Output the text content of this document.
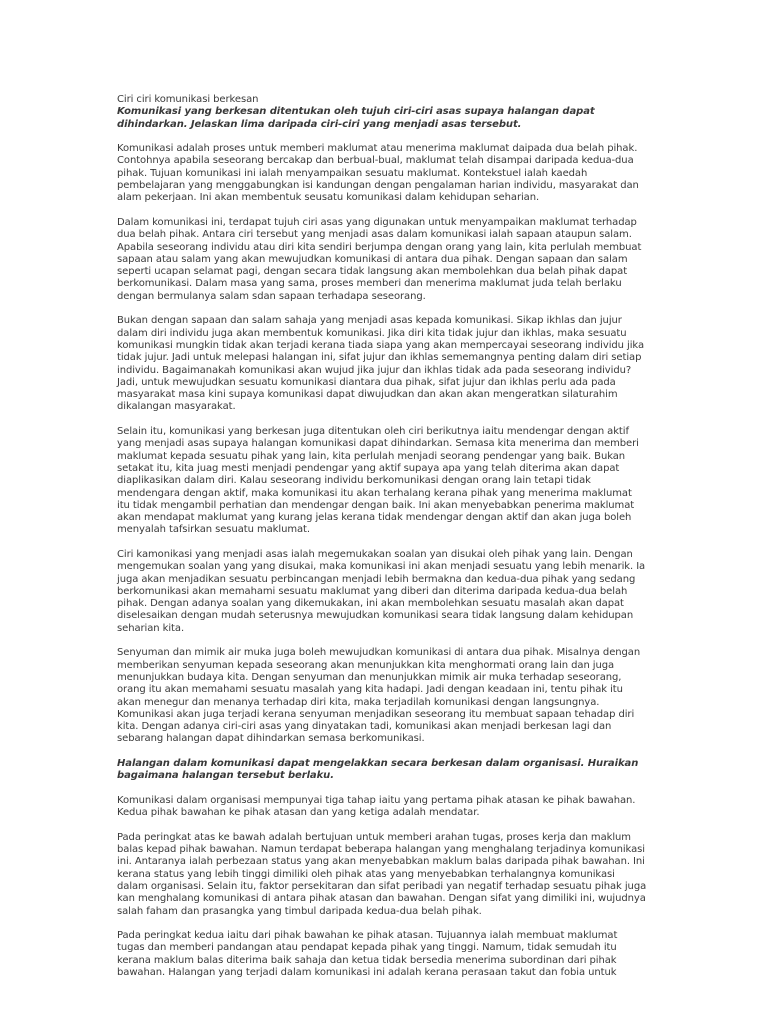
Ciri ciri komunikasi berkesan
Komunikasi yang berkesan ditentukan oleh tujuh ciri-ciri asas supaya halangan dapat dihindarkan. Jelaskan lima daripada ciri-ciri yang menjadi asas tersebut.

Komunikasi adalah proses untuk memberi maklumat atau menerima maklumat daipada dua belah pihak. Contohnya apabila seseorang bercakap dan berbual-bual, maklumat telah disampai daripada kedua-dua pihak. Tujuan komunikasi ini ialah menyampaikan sesuatu maklumat. Kontekstuel ialah kaedah pembelajaran yang menggabungkan isi kandungan dengan pengalaman harian individu, masyarakat dan alam pekerjaan. Ini akan membentuk seusatu komunikasi dalam kehidupan seharian.

Dalam komunikasi ini, terdapat tujuh ciri asas yang digunakan untuk menyampaikan maklumat terhadap dua belah pihak. Antara ciri tersebut yang menjadi asas dalam komunikasi ialah sapaan ataupun salam. Apabila seseorang individu atau diri kita sendiri berjumpa dengan orang yang lain, kita perlulah membuat sapaan atau salam yang akan mewujudkan komunikasi di antara dua pihak. Dengan sapaan dan salam seperti ucapan selamat pagi, dengan secara tidak langsung akan membolehkan dua belah pihak dapat berkomunikasi. Dalam masa yang sama, proses memberi dan menerima maklumat juda telah berlaku dengan bermulanya salam sdan sapaan terhadapa seseorang.

Bukan dengan sapaan dan salam sahaja yang menjadi asas kepada komunikasi. Sikap ikhlas dan jujur dalam diri individu juga akan membentuk komunikasi. Jika diri kita tidak jujur dan ikhlas, maka sesuatu komunikasi mungkin tidak akan terjadi kerana tiada siapa yang akan mempercayai seseorang individu jika tidak jujur. Jadi untuk melepasi halangan ini, sifat jujur dan ikhlas sememangnya penting dalam diri setiap individu. Bagaimanakah komunikasi akan wujud jika jujur dan ikhlas tidak ada pada seseorang individu? Jadi, untuk mewujudkan sesuatu komunikasi diantara dua pihak, sifat jujur dan ikhlas perlu ada pada masyarakat masa kini supaya komunikasi dapat diwujudkan dan akan akan mengeratkan silaturahim dikalangan masyarakat.

Selain itu, komunikasi yang berkesan juga ditentukan oleh ciri berikutnya iaitu mendengar dengan aktif yang menjadi asas supaya halangan komunikasi dapat dihindarkan. Semasa kita menerima dan memberi maklumat kepada sesuatu pihak yang lain, kita perlulah menjadi seorang pendengar yang baik. Bukan setakat itu, kita juag mesti menjadi pendengar yang aktif supaya apa yang telah diterima akan dapat diaplikasikan dalam diri. Kalau seseorang individu berkomunikasi dengan orang lain tetapi tidak mendengara dengan aktif, maka komunikasi itu akan terhalang kerana pihak yang menerima maklumat itu tidak mengambil perhatian dan mendengar dengan baik. Ini akan menyebabkan penerima maklumat akan mendapat maklumat yang kurang jelas kerana tidak mendengar dengan aktif dan akan juga boleh menyalah tafsirkan sesuatu maklumat.

Ciri kamonikasi yang menjadi asas ialah megemukakan soalan yan disukai oleh pihak yang lain. Dengan mengemukan soalan yang yang disukai, maka komunikasi ini akan menjadi sesuatu yang lebih menarik. Ia juga akan menjadikan sesuatu perbincangan menjadi lebih bermakna dan kedua-dua pihak yang sedang berkomunikasi akan memahami sesuatu maklumat yang diberi dan diterima daripada kedua-dua belah pihak. Dengan adanya soalan yang dikemukakan, ini akan membolehkan sesuatu masalah akan dapat diselesaikan dengan mudah seterusnya mewujudkan komunikasi seara tidak langsung dalam kehidupan seharian kita.

Senyuman dan mimik air muka juga boleh mewujudkan komunikasi di antara dua pihak. Misalnya dengan memberikan senyuman kepada seseorang akan menunjukkan kita menghormati orang lain dan juga menunjukkan budaya kita. Dengan senyuman dan menunjukkan mimik air muka terhadap seseorang, orang itu akan memahami sesuatu masalah yang kita hadapi. Jadi dengan keadaan ini, tentu pihak itu akan menegur dan menanya terhadap diri kita, maka terjadilah komunikasi dengan langsungnya. Komunikasi akan juga terjadi kerana senyuman menjadikan seseorang itu membuat sapaan tehadap diri kita. Dengan adanya ciri-ciri asas yang dinyatakan tadi, komunikasi akan menjadi berkesan lagi dan sebarang halangan dapat dihindarkan semasa berkomunikasi.

Halangan dalam komunikasi dapat mengelakkan secara berkesan dalam organisasi. Huraikan bagaimana halangan tersebut berlaku.

Komunikasi dalam organisasi mempunyai tiga tahap iaitu yang pertama pihak atasan ke pihak bawahan. Kedua pihak bawahan ke pihak atasan dan yang ketiga adalah mendatar.

Pada peringkat atas ke bawah adalah bertujuan untuk memberi arahan tugas, proses kerja dan maklum balas kepad pihak bawahan. Namun terdapat beberapa halangan yang menghalang terjadinya komunikasi ini. Antaranya ialah perbezaan status yang akan menyebabkan maklum balas daripada pihak bawahan. Ini kerana status yang lebih tinggi dimiliki oleh pihak atas yang menyebabkan terhalangnya komunikasi dalam organisasi. Selain itu, faktor persekitaran dan sifat peribadi yan negatif terhadap sesuatu pihak juga kan menghalang komunikasi di antara pihak atasan dan bawahan. Dengan sifat yang dimiliki ini, wujudnya salah faham dan prasangka yang timbul daripada kedua-dua belah pihak.

Pada peringkat kedua iaitu dari pihak bawahan ke pihak atasan. Tujuannya ialah membuat maklumat tugas dan memberi pandangan atau pendapat kepada pihak yang tinggi. Namum, tidak semudah itu kerana maklum balas diterima baik sahaja dan ketua tidak bersedia menerima subordinan dari pihak bawahan. Halangan yang terjadi dalam komunikasi ini adalah kerana perasaan takut dan fobia untuk
